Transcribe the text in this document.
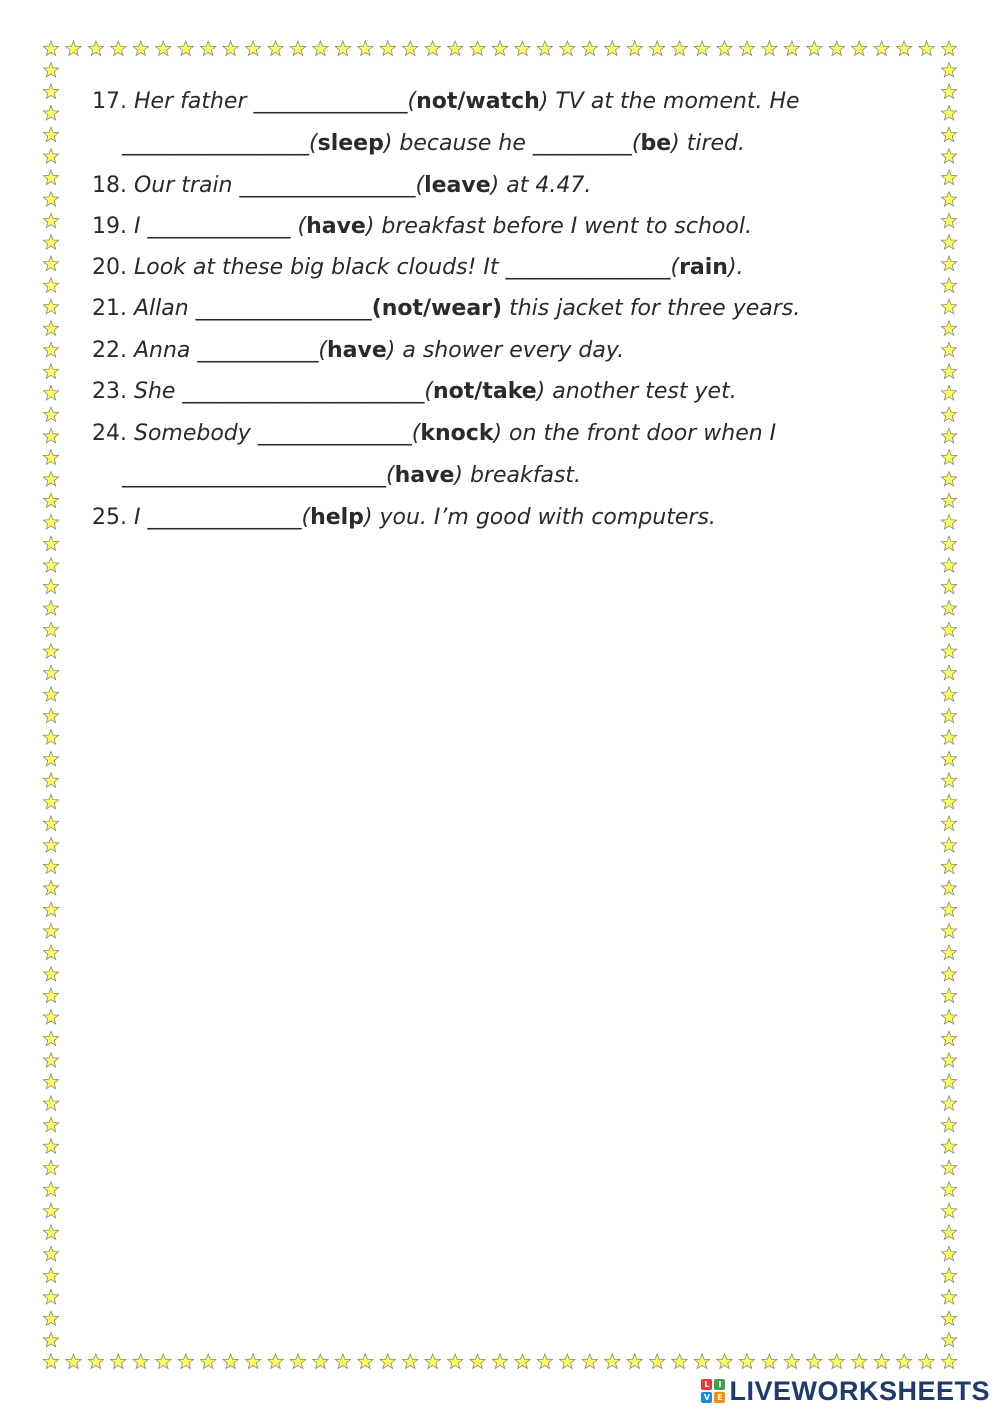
17. Her father ______________(not/watch) TV at the moment. He
_________________(sleep) because he _________(be) tired.
18. Our train ________________(leave) at 4.47.
19. I _____________ (have) breakfast before I went to school.
20. Look at these big black clouds! It _______________(rain).
21. Allan ________________(not/wear) this jacket for three years.
22. Anna ___________(have) a shower every day.
23. She ______________________(not/take) another test yet.
24. Somebody ______________(knock) on the front door when I
________________________(have) breakfast.
25. I ______________(help) you. I’m good with computers.
L	I
V E LIVEWORKSHEETS
